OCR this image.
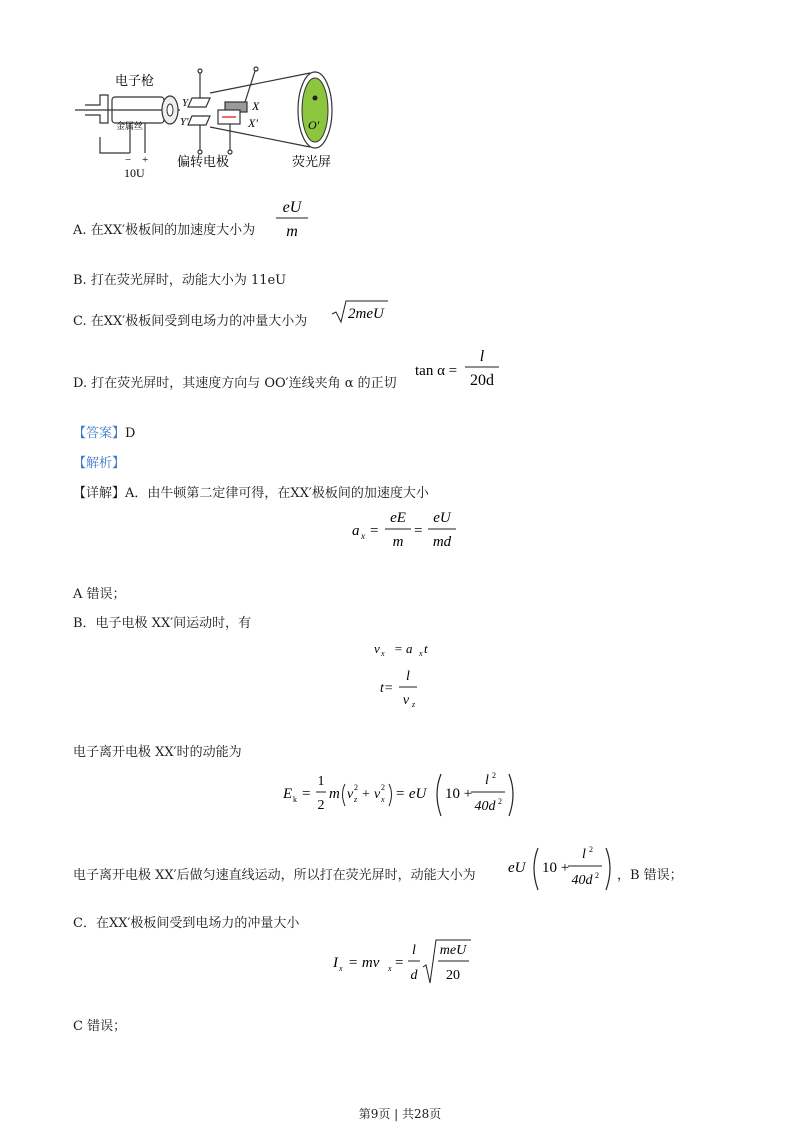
电子枪
金属丝
Y
Y′
X
X′	O′
− +
10U
偏转电极	荧光屏
A. 在XX′极板间的加速度大小为
eU
m
B. 打在荧光屏时，动能大小为 11eU
C. 在XX′极板间受到电场力的冲量大小为	2meU
D. 打在荧光屏时，其速度方向与 OO′连线夹角 α 的正切
tan α =
l
20d
【答案】D
【解析】
【详解】A．由牛顿第二定律可得，在XX′极板间的加速度大小
a x =
eE
m
=
eU
md
A 错误；
B．电子电极 XX′间运动时，有
v x = a x t
t=
l
v z
电子离开电极 XX′时的动能为
E k =
1
2
m v z
2 + v x
2 = eU 10 +
l 2
40d 2
电子离开电极 XX′后做匀速直线运动，所以打在荧光屏时，动能大小为 eU 10 +
l 2
40d 2 ，B 错误；
C．在XX′极板间受到电场力的冲量大小
I x = mv x =
l
d
meU
20
C 错误；
第9页 | 共28页
